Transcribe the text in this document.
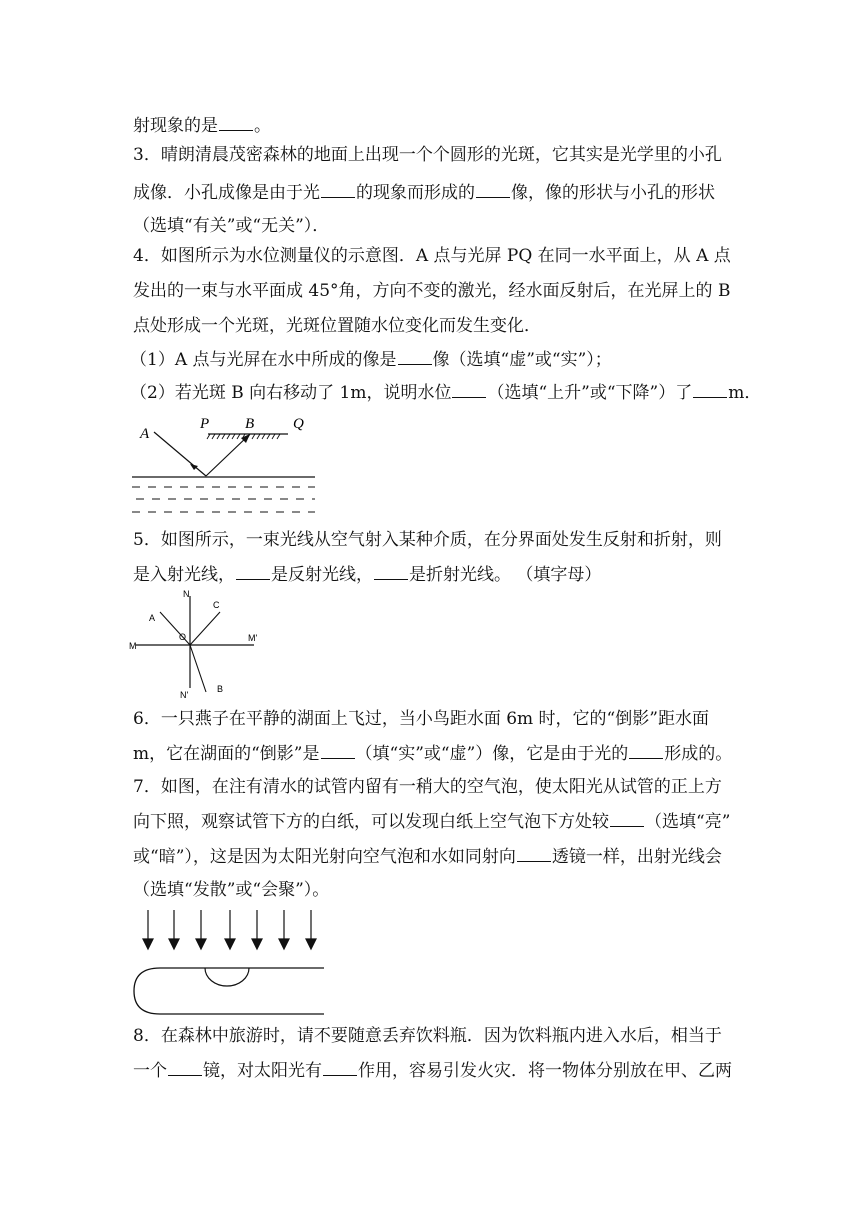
射现象的是 。
3．晴朗清晨茂密森林的地面上出现一个个圆形的光斑，它其实是光学里的小孔
成像．小孔成像是由于光 的现象而形成的 像，像的形状与小孔的形状
（选填“有关”或“无关”）．
4．如图所示为水位测量仪的示意图．A 点与光屏 PQ 在同一水平面上，从 A 点
发出的一束与水平面成 45°角，方向不变的激光，经水面反射后，在光屏上的 B
点处形成一个光斑，光斑位置随水位变化而发生变化．
（1）A 点与光屏在水中所成的像是 像（选填“虚”或“实”）；
（2）若光斑 B 向右移动了 1m，说明水位 （选填“上升”或“下降”）了 m．
A
P B	Q
5．如图所示，一束光线从空气射入某种介质，在分界面处发生反射和折射，则
是入射光线， 是反射光线， 是折射光线。 （填字母）
N
C
A
O
M
M'
N'
B
6．一只燕子在平静的湖面上飞过，当小鸟距水面 6m 时，它的“倒影”距水面
m，它在湖面的“倒影”是 （填“实”或“虚”）像，它是由于光的 形成的。
7．如图，在注有清水的试管内留有一稍大的空气泡，使太阳光从试管的正上方
向下照，观察试管下方的白纸，可以发现白纸上空气泡下方处较 （选填“亮”
或“暗”），这是因为太阳光射向空气泡和水如同射向 透镜一样，出射光线会
（选填“发散”或“会聚”）。
8．在森林中旅游时，请不要随意丢弃饮料瓶．因为饮料瓶内进入水后，相当于
一个 镜，对太阳光有 作用，容易引发火灾．将一物体分别放在甲、乙两
